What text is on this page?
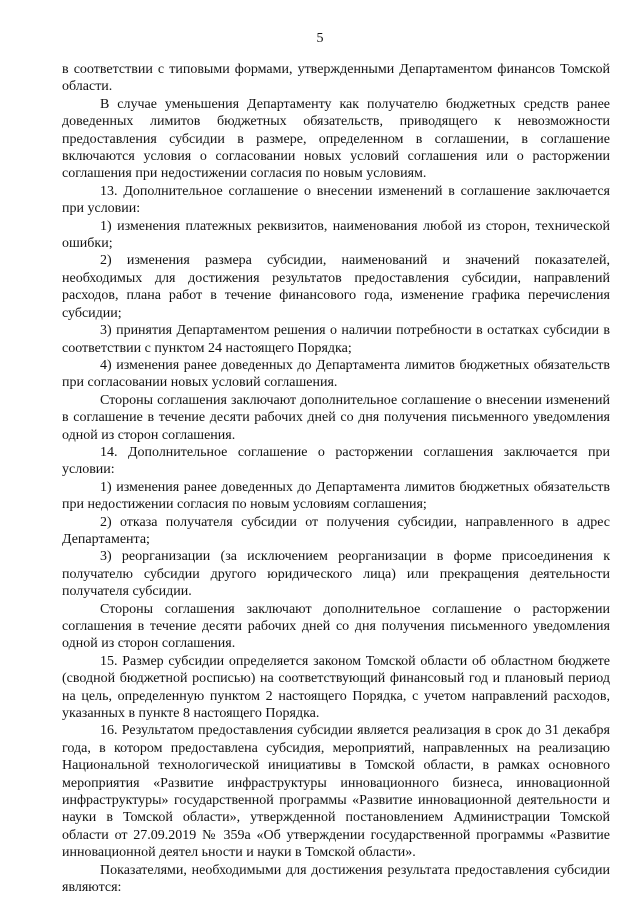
5

в соответствии с типовыми формами, утвержденными Департаментом финансов Томской области.

В случае уменьшения Департаменту как получателю бюджетных средств ранее доведенных лимитов бюджетных обязательств, приводящего к невозможности предоставления субсидии в размере, определенном в соглашении, в соглашение включаются условия о согласовании новых условий соглашения или о расторжении соглашения при недостижении согласия по новым условиям.

13. Дополнительное соглашение о внесении изменений в соглашение заключается при условии:

1) изменения платежных реквизитов, наименования любой из сторон, технической ошибки;

2) изменения размера субсидии, наименований и значений показателей, необходимых для достижения результатов предоставления субсидии, направлений расходов, плана работ в течение финансового года, изменение графика перечисления субсидии;

3) принятия Департаментом решения о наличии потребности в остатках субсидии в соответствии с пунктом 24 настоящего Порядка;

4) изменения ранее доведенных до Департамента лимитов бюджетных обязательств при согласовании новых условий соглашения.

Стороны соглашения заключают дополнительное соглашение о внесении изменений в соглашение в течение десяти рабочих дней со дня получения письменного уведомления одной из сторон соглашения.

14. Дополнительное соглашение о расторжении соглашения заключается при условии:

1) изменения ранее доведенных до Департамента лимитов бюджетных обязательств при недостижении согласия по новым условиям соглашения;

2) отказа получателя субсидии от получения субсидии, направленного в адрес Департамента;

3) реорганизации (за исключением реорганизации в форме присоединения к получателю субсидии другого юридического лица) или прекращения деятельности получателя субсидии.

Стороны соглашения заключают дополнительное соглашение о расторжении соглашения в течение десяти рабочих дней со дня получения письменного уведомления одной из сторон соглашения.

15. Размер субсидии определяется законом Томской области об областном бюджете (сводной бюджетной росписью) на соответствующий финансовый год и плановый период на цель, определенную пунктом 2 настоящего Порядка, с учетом направлений расходов, указанных в пункте 8 настоящего Порядка.

16. Результатом предоставления субсидии является реализация в срок до 31 декабря года, в котором предоставлена субсидия, мероприятий, направленных на реализацию Национальной технологической инициативы в Томской области, в рамках основного мероприятия «Развитие инфраструктуры инновационного бизнеса, инновационной инфраструктуры» государственной программы «Развитие инновационной деятельности и науки в Томской области», утвержденной постановлением Администрации Томской области от 27.09.2019 № 359а «Об утверждении государственной программы «Развитие инновационной деятел ьности и науки в Томской области».

Показателями, необходимыми для достижения результата предоставления субсидии являются:
